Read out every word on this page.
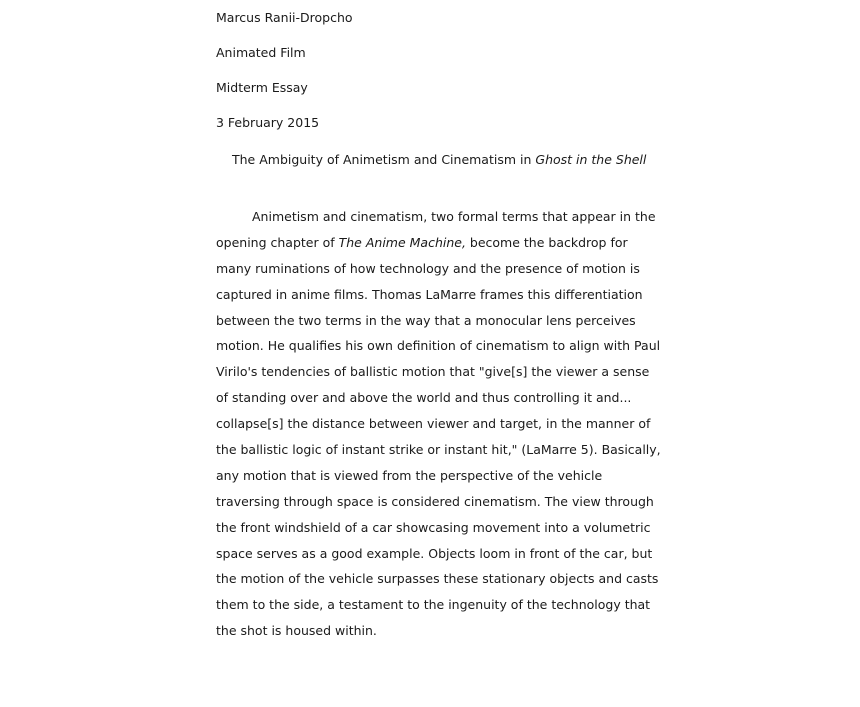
Marcus Ranii-Dropcho
Animated Film
Midterm Essay
3 February 2015
The Ambiguity of Animetism and Cinematism in Ghost in the Shell
Animetism and cinematism, two formal terms that appear in the
opening chapter of The Anime Machine, become the backdrop for
many ruminations of how technology and the presence of motion is
captured in anime films. Thomas LaMarre frames this differentiation
between the two terms in the way that a monocular lens perceives
motion. He qualifies his own definition of cinematism to align with Paul
Virilo's tendencies of ballistic motion that "give[s] the viewer a sense
of standing over and above the world and thus controlling it and...
collapse[s] the distance between viewer and target, in the manner of
the ballistic logic of instant strike or instant hit," (LaMarre 5). Basically,
any motion that is viewed from the perspective of the vehicle
traversing through space is considered cinematism. The view through
the front windshield of a car showcasing movement into a volumetric
space serves as a good example. Objects loom in front of the car, but
the motion of the vehicle surpasses these stationary objects and casts
them to the side, a testament to the ingenuity of the technology that
the shot is housed within.
